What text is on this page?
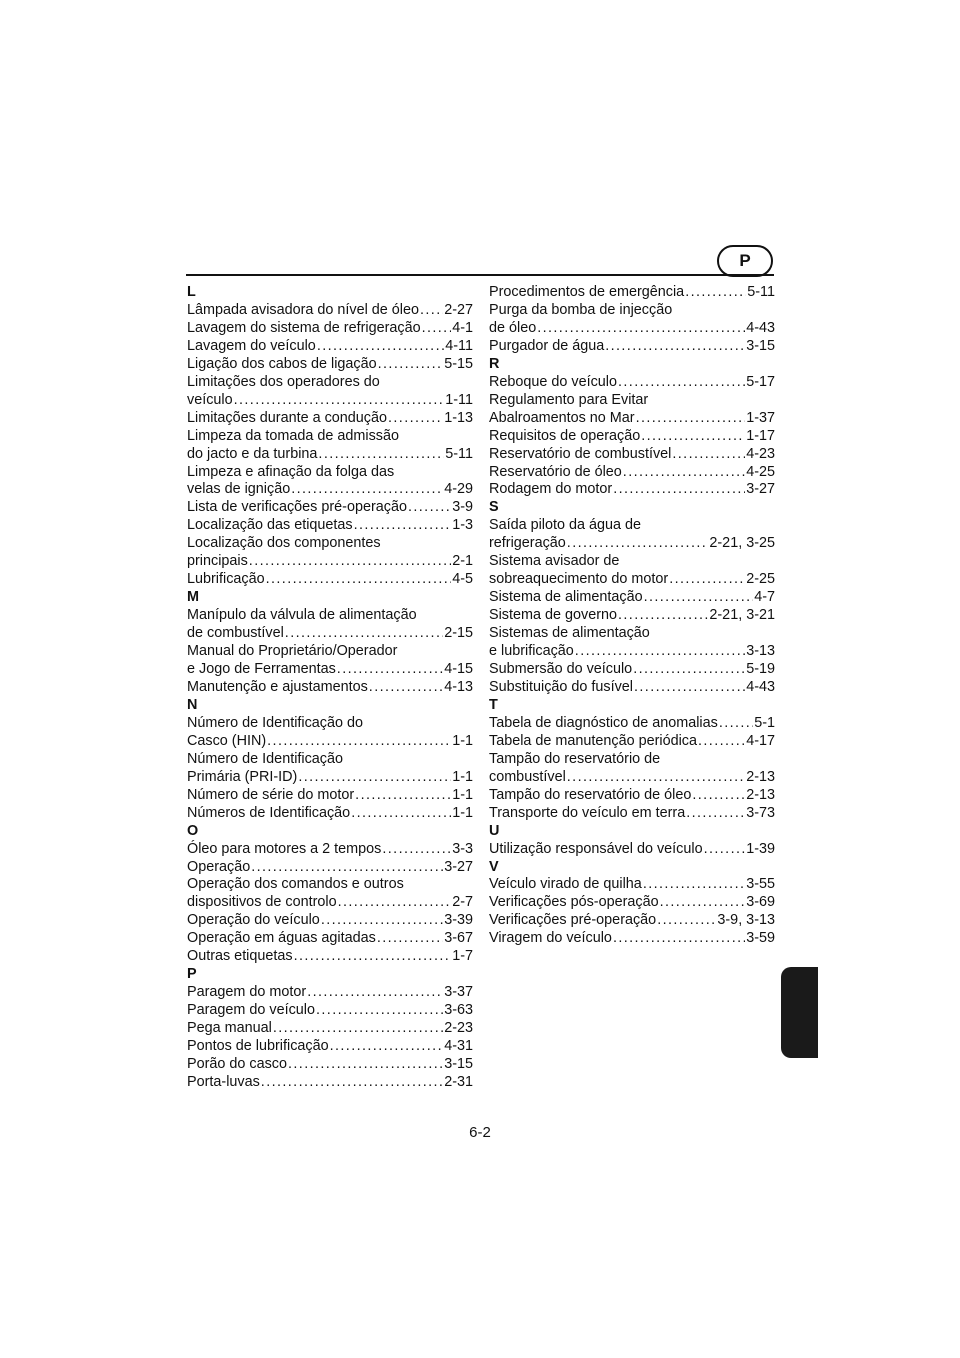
P
L
Lâmpada avisadora do nível de óleo ..... 2-27
Lavagem do sistema de refrigeração ..... 4-1
Lavagem do veículo .....	4-11
Ligação dos cabos de ligação .....	5-15
Limitações dos operadores do
veículo .....	1-11
Limitações durante a condução .....	1-13
Limpeza da tomada de admissão
do jacto e da turbina .....	5-11
Limpeza e afinação da folga das
velas de ignição .....	4-29
Lista de verificações pré-operação .....	3-9
Localização das etiquetas .....	1-3
Localização dos componentes
principais .....	2-1
Lubrificação .....	4-5
M
Manípulo da válvula de alimentação
de combustível .....	2-15
Manual do Proprietário/Operador
e Jogo de Ferramentas .....	4-15
Manutenção e ajustamentos .....	4-13
N
Número de Identificação do
Casco (HIN) .....	1-1
Número de Identificação
Primária (PRI-ID) .....	1-1
Número de série do motor .....	1-1
Números de Identificação .....	1-1
O
Óleo para motores a 2 tempos .....	3-3
Operação .....	3-27
Operação dos comandos e outros
dispositivos de controlo .....	2-7
Operação do veículo .....	3-39
Operação em águas agitadas .....	3-67
Outras etiquetas .....	1-7
P
Paragem do motor .....	3-37
Paragem do veículo .....	3-63
Pega manual .....	2-23
Pontos de lubrificação .....	4-31
Porão do casco .....	3-15
Porta-luvas .....	2-31
Procedimentos de emergência .....	5-11
Purga da bomba de injecção
de óleo .....	4-43
Purgador de água .....	3-15
R
Reboque do veículo .....	5-17
Regulamento para Evitar
Abalroamentos no Mar .....	1-37
Requisitos de operação .....	1-17
Reservatório de combustível .....	4-23
Reservatório de óleo .....	4-25
Rodagem do motor .....	3-27
S
Saída piloto da água de
refrigeração .....	2-21, 3-25
Sistema avisador de
sobreaquecimento do motor .....	2-25
Sistema de alimentação .....	4-7
Sistema de governo .....	2-21, 3-21
Sistemas de alimentação
e lubrificação .....	3-13
Submersão do veículo .....	5-19
Substituição do fusível .....	4-43
T
Tabela de diagnóstico de anomalias .....	5-1
Tabela de manutenção periódica .....	4-17
Tampão do reservatório de
combustível .....	2-13
Tampão do reservatório de óleo .....	2-13
Transporte do veículo em terra .....	3-73
U
Utilização responsável do veículo .....	1-39
V
Veículo virado de quilha .....	3-55
Verificações pós-operação .....	3-69
Verificações pré-operação .....	3-9, 3-13
Viragem do veículo .....	3-59
6-2
